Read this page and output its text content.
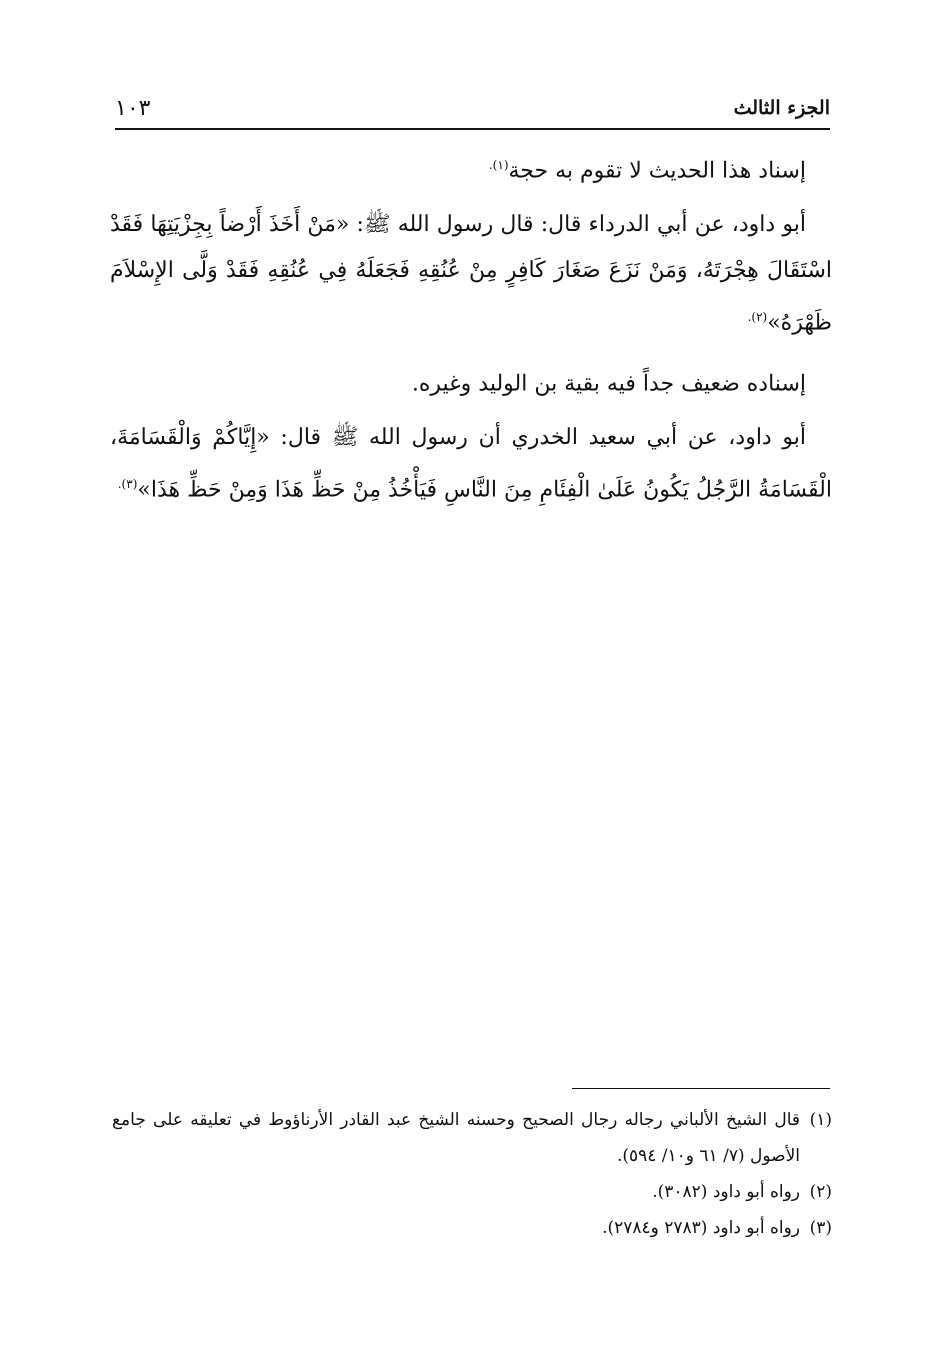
الجزء الثالث
١٠٣

إسناد هذا الحديث لا تقوم به حجة$^{(١).}$

أبو داود، عن أبي الدرداء قال: قال رسول الله ﷺ: «مَنْ أَخَذَ أَرْضاً بِجِزْيَتِهَا فَقَدْ اسْتَقَالَ هِجْرَتَهُ، وَمَنْ نَزَعَ صَغَارَ كَافِرٍ مِنْ عُنُقِهِ فَجَعَلَهُ فِي عُنُقِهِ فَقَدْ وَلَّى الإِسْلاَمَ ظَهْرَهُ»$^{(٢).}$

إسناده ضعيف جداً فيه بقية بن الوليد وغيره.

أبو داود، عن أبي سعيد الخدري أن رسول الله ﷺ قال: «إِيَّاكُمْ وَالْقَسَامَةَ، الْقَسَامَةُ الرَّجُلُ يَكُونُ عَلَىٰ الْفِئَامِ مِنَ النَّاسِ فَيَأْخُذُ مِنْ حَظِّ هَذَا وَمِنْ حَظِّ هَذَا»$^{(٣).}$

(١)
قال الشيخ الألباني رجاله رجال الصحيح وحسنه الشيخ عبد القادر الأرناؤوط في تعليقه على جامع الأصول (٧/ ٦١ و١٠/ ٥٩٤).
(٢)
رواه أبو داود (٣٠٨٢).
(٣)
رواه أبو داود (٢٧٨٣ و٢٧٨٤).
